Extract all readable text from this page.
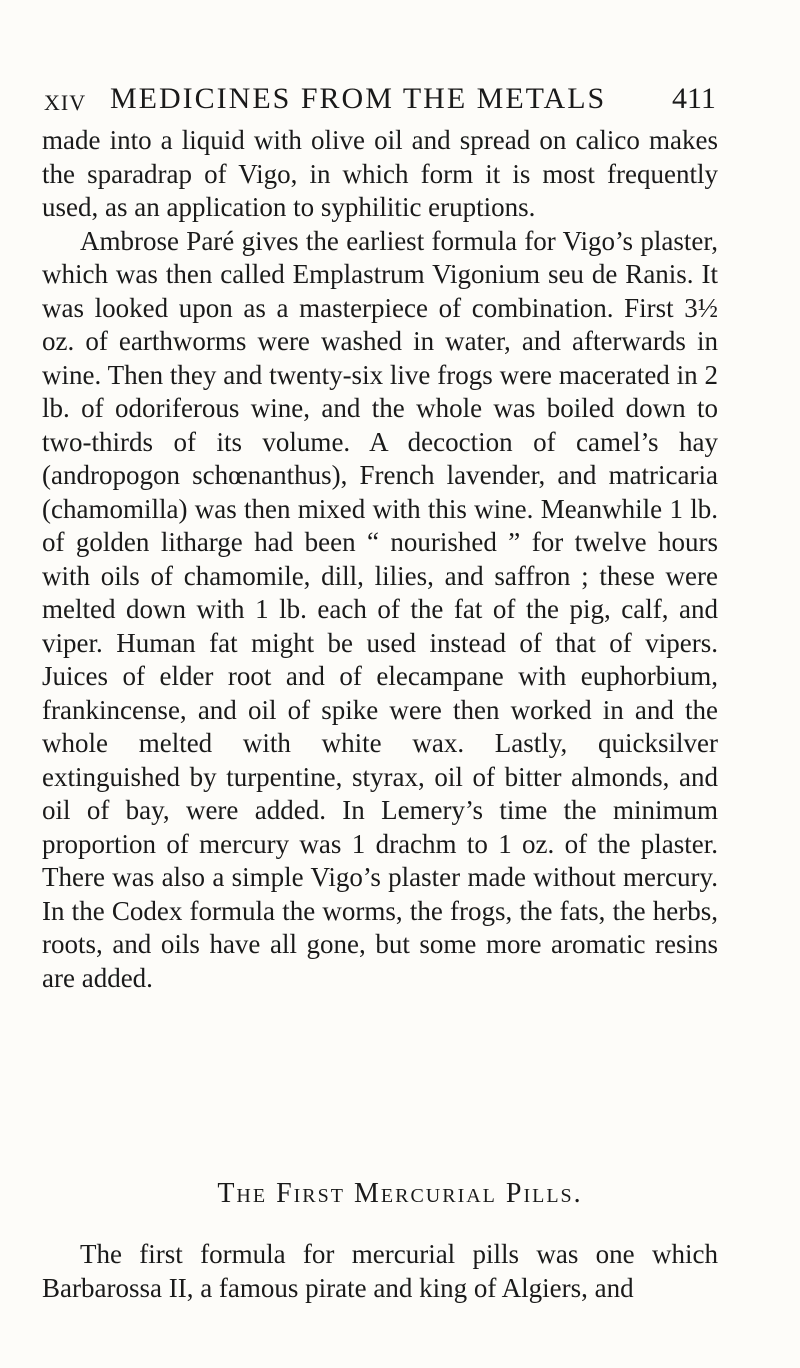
XIV MEDICINES FROM THE METALS	411

made into a liquid with olive oil and spread on calico makes the sparadrap of Vigo, in which form it is most frequently used, as an application to syphilitic eruptions.

Ambrose Paré gives the earliest formula for Vigo’s plaster, which was then called Emplastrum Vigonium seu de Ranis. It was looked upon as a masterpiece of combination. First 3½ oz. of earthworms were washed in water, and afterwards in wine. Then they and twenty-six live frogs were macerated in 2 lb. of odoriferous wine, and the whole was boiled down to two-thirds of its volume. A decoction of camel’s hay (andropogon schœnanthus), French lavender, and matricaria (chamomilla) was then mixed with this wine. Meanwhile 1 lb. of golden litharge had been “ nourished ” for twelve hours with oils of chamomile, dill, lilies, and saffron ; these were melted down with 1 lb. each of the fat of the pig, calf, and viper. Human fat might be used instead of that of vipers. Juices of elder root and of elecampane with euphorbium, frankincense, and oil of spike were then worked in and the whole melted with white wax. Lastly, quicksilver extinguished by turpentine, styrax, oil of bitter almonds, and oil of bay, were added. In Lemery’s time the minimum proportion of mercury was 1 drachm to 1 oz. of the plaster. There was also a simple Vigo’s plaster made without mercury. In the Codex formula the worms, the frogs, the fats, the herbs, roots, and oils have all gone, but some more aromatic resins are added.

The First Mercurial Pills.

The first formula for mercurial pills was one which Barbarossa II, a famous pirate and king of Algiers, and
